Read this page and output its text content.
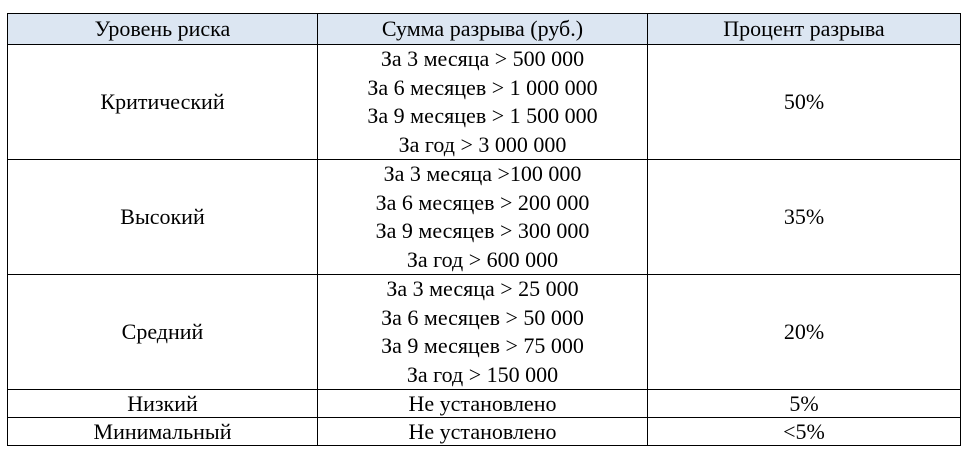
Уровень риска	Сумма разрыва (руб.)	Процент разрыва
Критический	За 3 месяца > 500 000
За 6 месяцев > 1 000 000
За 9 месяцев > 1 500 000
За год > 3 000 000	50%
Высокий	За 3 месяца >100 000
За 6 месяцев > 200 000
За 9 месяцев > 300 000
За год > 600 000	35%
Средний	За 3 месяца > 25 000
За 6 месяцев > 50 000
За 9 месяцев > 75 000
За год > 150 000	20%
Низкий	Не установлено	5%
Минимальный	Не установлено	<5%
